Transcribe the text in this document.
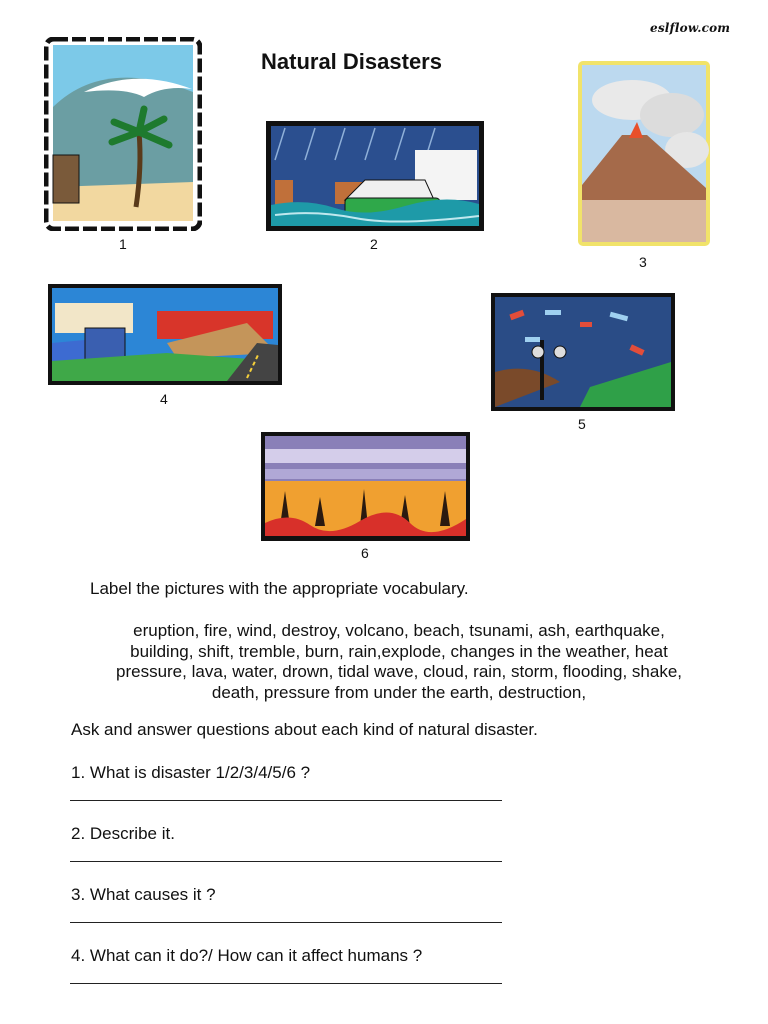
eslflow.com
Natural Disasters
1	2
3
4
5
6
Label the pictures with the appropriate vocabulary.
eruption, fire, wind, destroy, volcano, beach, tsunami, ash, earthquake,
building, shift, tremble, burn, rain,explode, changes in the weather, heat
pressure, lava, water, drown, tidal wave, cloud, rain, storm, flooding, shake,
death, pressure from under the earth, destruction,
Ask and answer questions about each kind of natural disaster.
1. What is disaster 1/2/3/4/5/6 ?
2. Describe it.
3. What causes it ?
4. What can it do?/ How can it affect humans ?
